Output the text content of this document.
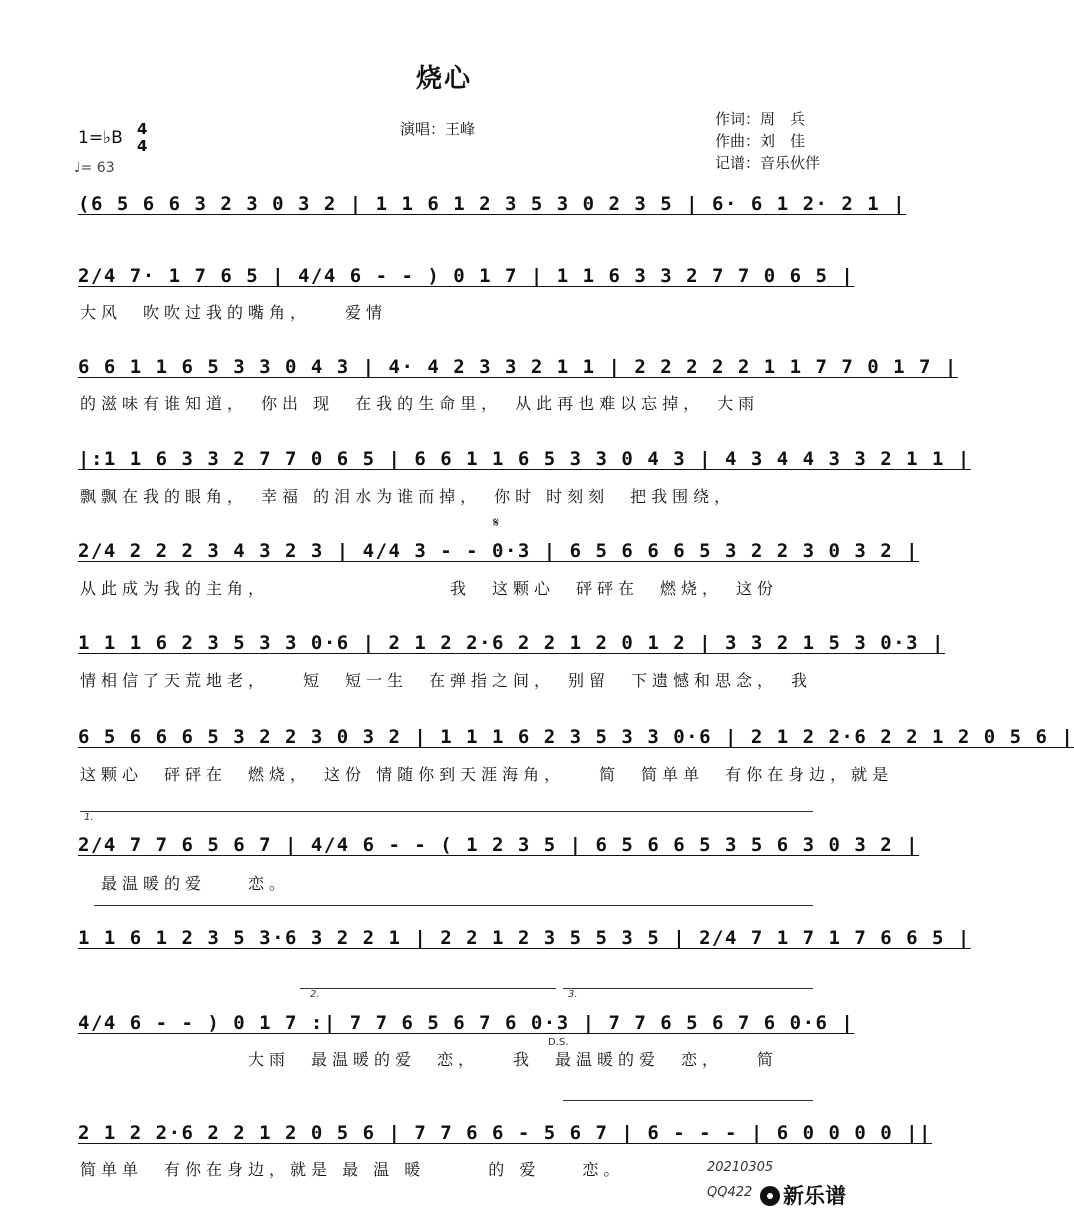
烧心
演唱：王峰
作词：周　兵
作曲：刘　佳
记谱：音乐伙伴
1=♭B 4
4
♩= 63
(6 5 6 6 3 2 3 0 3 2 | 1 1 6 1 2 3 5 3 0 2 3 5 | 6· 6 1 2· 2 1 |
2/4 7· 1 7 6 5 | 4/4 6 - - ) 0 1 7 | 1 1 6 3 3 2 7 7 0 6 5 |
大风　吹吹过我的嘴角，　　爱情
6 6 1 1 6 5 3 3 0 4 3 | 4· 4 2 3 3 2 1 1 | 2 2 2 2 2 1 1 7 7 0 1 7 |
的滋味有谁知道，　你出 现　在我的生命里，　从此再也难以忘掉，　大雨
|:1 1 6 3 3 2 7 7 0 6 5 | 6 6 1 1 6 5 3 3 0 4 3 | 4 3 4 4 3 3 2 1 1 |
飘飘在我的眼角，　幸福 的泪水为谁而掉，　你时 时刻刻　把我围绕，
𝄋
2/4 2 2 2 3 4 3 2 3 | 4/4 3 - - 0·3 | 6 5 6 6 6 5 3 2 2 3 0 3 2 |
从此成为我的主角，　　　　　　　　　我　这颗心　砰砰在　燃烧，　这份
1 1 1 6 2 3 5 3 3 0·6 | 2 1 2 2·6 2 2 1 2 0 1 2 | 3 3 2 1 5 3 0·3 |
情相信了天荒地老，　　短　短一生　在弹指之间，　别留　下遗憾和思念，　我
6 5 6 6 6 5 3 2 2 3 0 3 2 | 1 1 1 6 2 3 5 3 3 0·6 | 2 1 2 2·6 2 2 1 2 0 5 6 |
这颗心　砰砰在　燃烧，　这份 情随你到天涯海角，　　简　简单单　有你在身边，就是
1.
2/4 7 7 6 5 6 7 | 4/4 6 - - ( 1 2 3 5 | 6 5 6 6 5 3 5 6 3 0 3 2 |
　最温暖的爱　　恋。
1 1 6 1 2 3 5 3·6 3 2 2 1 | 2 2 1 2 3 5 5 3 5 | 2/4 7 1 7 1 7 6 6 5 |
2.	3.
4/4 6 - - ) 0 1 7 :| 7 7 6 5 6 7 6 0·3 | 7 7 6 5 6 7 6 0·6 |
D.S.
　　　　　　　　大雨　最温暖的爱　恋，　　我　最温暖的爱　恋，　　简
2 1 2 2·6 2 2 1 2 0 5 6 | 7 7 6 6 - 5 6 7 | 6 - - - | 6 0 0 0 0 ||
简单单　有你在身边，就是 最 温 暖　　　的 爱　　恋。	20210305
QQ422	新乐谱
